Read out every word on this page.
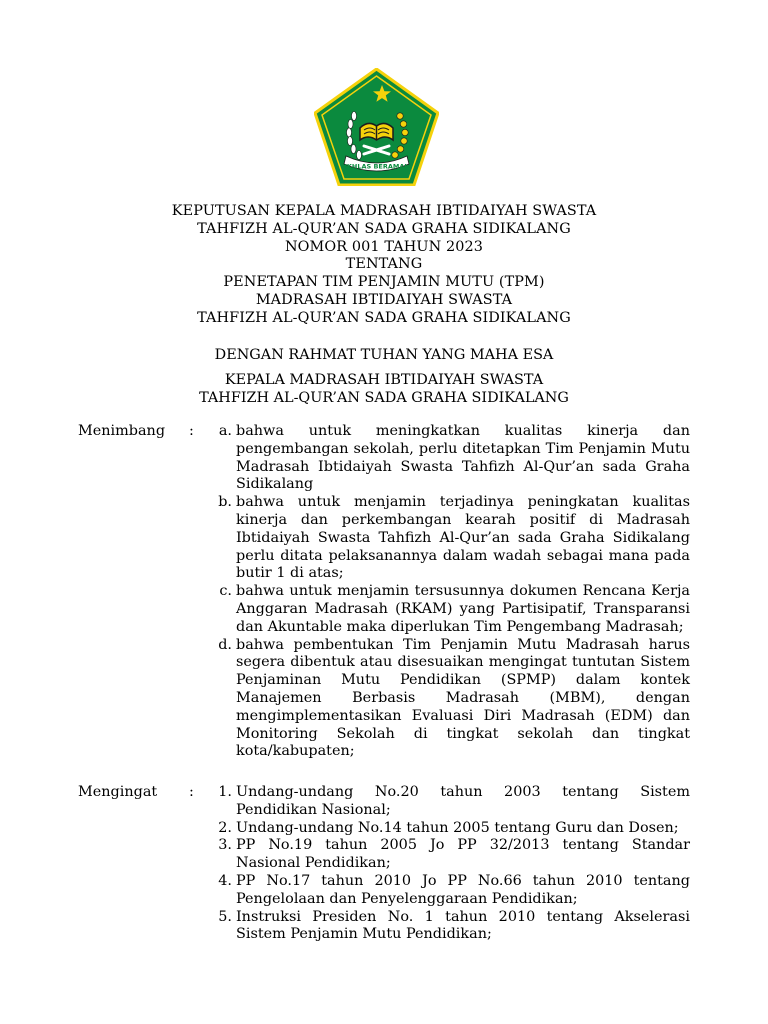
IKHLAS BERAMAL
KEPUTUSAN KEPALA MADRASAH IBTIDAIYAH SWASTA
TAHFIZH AL-QUR’AN SADA GRAHA SIDIKALANG
NOMOR 001 TAHUN 2023
TENTANG
PENETAPAN TIM PENJAMIN MUTU (TPM)
MADRASAH IBTIDAIYAH SWASTA
TAHFIZH AL-QUR’AN SADA GRAHA SIDIKALANG
DENGAN RAHMAT TUHAN YANG MAHA ESA
KEPALA MADRASAH IBTIDAIYAH SWASTA
TAHFIZH AL-QUR’AN SADA GRAHA SIDIKALANG
Menimbang :	a. bahwa untuk meningkatkan kualitas kinerja dan pengembangan sekolah, perlu ditetapkan Tim Penjamin Mutu Madrasah Ibtidaiyah Swasta Tahfizh Al-Qur’an sada Graha Sidikalang
b. bahwa untuk menjamin terjadinya peningkatan kualitas kinerja dan perkembangan kearah positif di Madrasah Ibtidaiyah Swasta Tahfizh Al-Qur’an sada Graha Sidikalang perlu ditata pelaksanannya dalam wadah sebagai mana pada butir 1 di atas;
c. bahwa untuk menjamin tersusunnya dokumen Rencana Kerja Anggaran Madrasah (RKAM) yang Partisipatif, Transparansi dan Akuntable maka diperlukan Tim Pengembang Madrasah;
d. bahwa pembentukan Tim Penjamin Mutu Madrasah harus segera dibentuk atau disesuaikan mengingat tuntutan Sistem Penjaminan Mutu Pendidikan (SPMP) dalam kontek Manajemen Berbasis Madrasah (MBM), dengan mengimplementasikan Evaluasi Diri Madrasah (EDM) dan Monitoring Sekolah di tingkat sekolah dan tingkat kota/kabupaten;
Mengingat :	1. Undang-undang No.20 tahun 2003 tentang Sistem Pendidikan Nasional;
2. Undang-undang No.14 tahun 2005 tentang Guru dan Dosen;
3. PP No.19 tahun 2005 Jo PP 32/2013 tentang Standar Nasional Pendidikan;
4. PP No.17 tahun 2010 Jo PP No.66 tahun 2010 tentang Pengelolaan dan Penyelenggaraan Pendidikan;
5. Instruksi Presiden No. 1 tahun 2010 tentang Akselerasi Sistem Penjamin Mutu Pendidikan;
